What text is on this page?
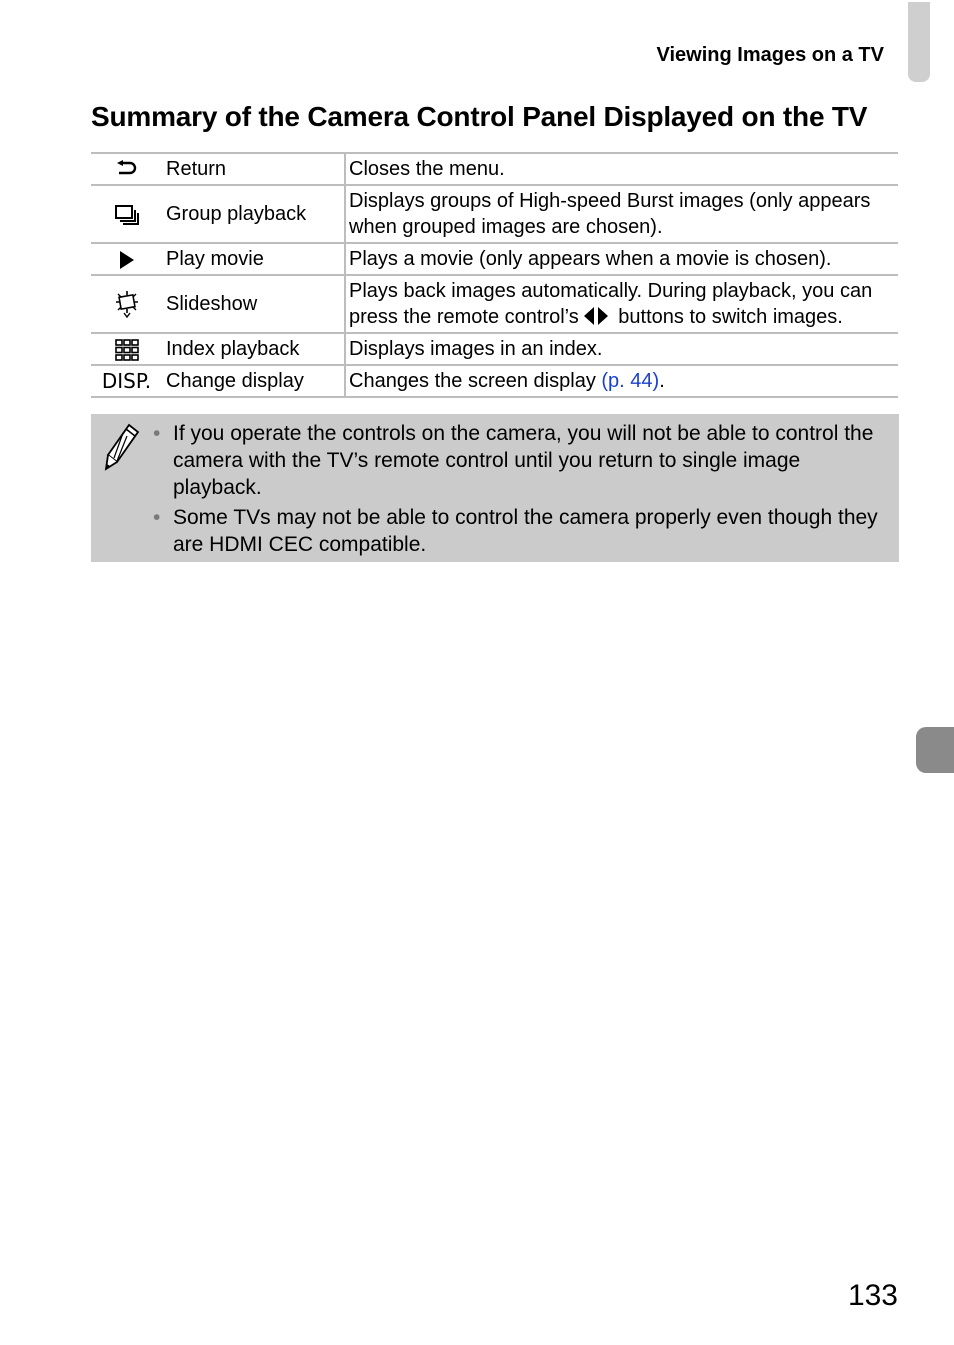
Viewing Images on a TV
Summary of the Camera Control Panel Displayed on the TV
	Return	Closes the menu.
	Group playback	Displays groups of High-speed Burst images (only appears when grouped images are chosen).
	Play movie	Plays a movie (only appears when a movie is chosen).
	Slideshow	Plays back images automatically. During playback, you can press the remote control’s buttons to switch images.
	Index playback	Displays images in an index.
DISP.	Change display	Changes the screen display (p. 44).
• If you operate the controls on the camera, you will not be able to control the camera with the TV’s remote control until you return to single image playback.
• Some TVs may not be able to control the camera properly even though they are HDMI CEC compatible.
133
